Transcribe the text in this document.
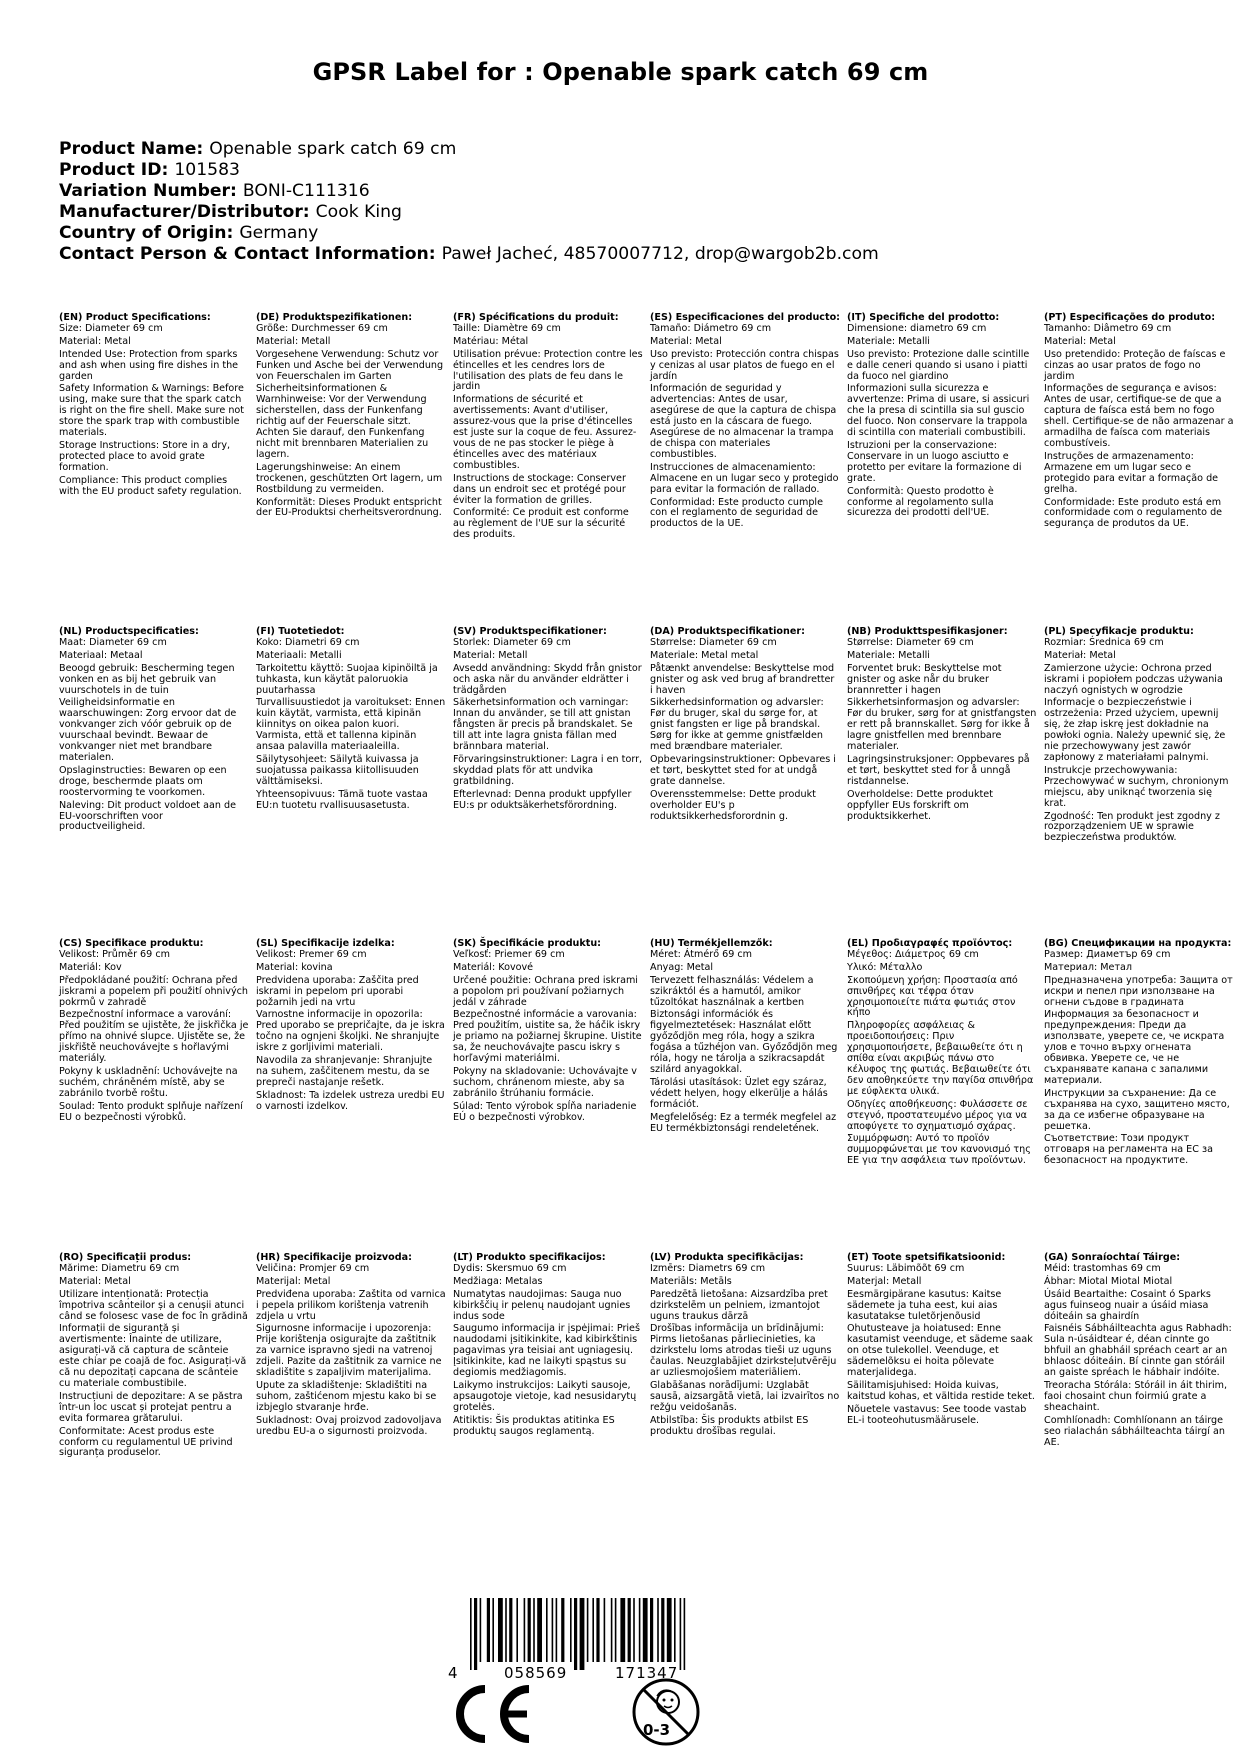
GPSR Label for : Openable spark catch 69 cm
Product Name: Openable spark catch 69 cm
Product ID: 101583
Variation Number: BONI-C111316
Manufacturer/Distributor: Cook King
Country of Origin: Germany
Contact Person & Contact Information: Paweł Jacheć, 48570007712, drop@wargob2b.com
(EN) Product Specifications:
Size: Diameter 69 cm
Material: Metal
Intended Use: Protection from sparks and ash when using fire dishes in the garden
Safety Information & Warnings: Before using, make sure that the spark catch is right on the fire shell. Make sure not store the spark trap with combustible materials.
Storage Instructions: Store in a dry, protected place to avoid grate formation.
Compliance: This product complies with the EU product safety regulation.
(DE) Produktspezifikationen:
Größe: Durchmesser 69 cm
Material: Metall
Vorgesehene Verwendung: Schutz vor Funken und Asche bei der Verwendung von Feuerschalen im Garten
Sicherheitsinformationen & Warnhinweise: Vor der Verwendung sicherstellen, dass der Funkenfang richtig auf der Feuerschale sitzt. Achten Sie darauf, den Funkenfang nicht mit brennbaren Materialien zu lagern.
Lagerungshinweise: An einem trockenen, geschützten Ort lagern, um Rostbildung zu vermeiden.
Konformität: Dieses Produkt entspricht der EU-Produktsi cherheitsverordnung.
(FR) Spécifications du produit:
Taille: Diamètre 69 cm
Matériau: Métal
Utilisation prévue: Protection contre les étincelles et les cendres lors de l'utilisation des plats de feu dans le jardin
Informations de sécurité et avertissements: Avant d'utiliser, assurez-vous que la prise d'étincelles est juste sur la coque de feu. Assurez-vous de ne pas stocker le piège à étincelles avec des matériaux combustibles.
Instructions de stockage: Conserver dans un endroit sec et protégé pour éviter la formation de grilles.
Conformité: Ce produit est conforme au règlement de l'UE sur la sécurité des produits.
(ES) Especificaciones del producto:
Tamaño: Diámetro 69 cm
Material: Metal
Uso previsto: Protección contra chispas y cenizas al usar platos de fuego en el jardín
Información de seguridad y advertencias: Antes de usar, asegúrese de que la captura de chispa está justo en la cáscara de fuego. Asegúrese de no almacenar la trampa de chispa con materiales combustibles.
Instrucciones de almacenamiento: Almacene en un lugar seco y protegido para evitar la formación de rallado.
Conformidad: Este producto cumple con el reglamento de seguridad de productos de la UE.
(IT) Specifiche del prodotto:
Dimensione: diametro 69 cm
Materiale: Metalli
Uso previsto: Protezione dalle scintille e dalle ceneri quando si usano i piatti da fuoco nel giardino
Informazioni sulla sicurezza e avvertenze: Prima di usare, si assicuri che la presa di scintilla sia sul guscio del fuoco. Non conservare la trappola di scintilla con materiali combustibili.
Istruzioni per la conservazione: Conservare in un luogo asciutto e protetto per evitare la formazione di grate.
Conformità: Questo prodotto è conforme al regolamento sulla sicurezza dei prodotti dell'UE.
(PT) Especificações do produto:
Tamanho: Diâmetro 69 cm
Material: Metal
Uso pretendido: Proteção de faíscas e cinzas ao usar pratos de fogo no jardim
Informações de segurança e avisos: Antes de usar, certifique-se de que a captura de faísca está bem no fogo shell. Certifique-se de não armazenar a armadilha de faísca com materiais combustíveis.
Instruções de armazenamento: Armazene em um lugar seco e protegido para evitar a formação de grelha.
Conformidade: Este produto está em conformidade com o regulamento de segurança de produtos da UE.
(NL) Productspecificaties:
Maat: Diameter 69 cm
Materiaal: Metaal
Beoogd gebruik: Bescherming tegen vonken en as bij het gebruik van vuurschotels in de tuin
Veiligheidsinformatie en waarschuwingen: Zorg ervoor dat de vonkvanger zich vóór gebruik op de vuurschaal bevindt. Bewaar de vonkvanger niet met brandbare materialen.
Opslaginstructies: Bewaren op een droge, beschermde plaats om roostervorming te voorkomen.
Naleving: Dit product voldoet aan de EU-voorschriften voor productveiligheid.
(FI) Tuotetiedot:
Koko: Diametri 69 cm
Materiaali: Metalli
Tarkoitettu käyttö: Suojaa kipinöiltä ja tuhkasta, kun käytät paloruokia puutarhassa
Turvallisuustiedot ja varoitukset: Ennen kuin käytät, varmista, että kipinän kiinnitys on oikea palon kuori. Varmista, että et tallenna kipinän ansaa palavilla materiaaleilla.
Säilytysohjeet: Säilytä kuivassa ja suojatussa paikassa kiitollisuuden välttämiseksi.
Yhteensopivuus: Tämä tuote vastaa EU:n tuotetu rvallisuusasetusta.
(SV) Produktspecifikationer:
Storlek: Diameter 69 cm
Material: Metall
Avsedd användning: Skydd från gnistor och aska när du använder eldrätter i trädgården
Säkerhetsinformation och varningar: Innan du använder, se till att gnistan fångsten är precis på brandskalet. Se till att inte lagra gnista fällan med brännbara material.
Förvaringsinstruktioner: Lagra i en torr, skyddad plats för att undvika gratbildning.
Efterlevnad: Denna produkt uppfyller EU:s pr oduktsäkerhetsförordning.
(DA) Produktspecifikationer:
Størrelse: Diameter 69 cm
Materiale: Metal metal
Påtænkt anvendelse: Beskyttelse mod gnister og ask ved brug af brandretter i haven
Sikkerhedsinformation og advarsler: Før du bruger, skal du sørge for, at gnist fangsten er lige på brandskal. Sørg for ikke at gemme gnistfælden med brændbare materialer.
Opbevaringsinstruktioner: Opbevares i et tørt, beskyttet sted for at undgå grate dannelse.
Overensstemmelse: Dette produkt overholder EU's p roduktsikkerhedsforordnin g.
(NB) Produkttspesifikasjoner:
Størrelse: Diameter 69 cm
Materiale: Metalli
Forventet bruk: Beskyttelse mot gnister og aske når du bruker brannretter i hagen
Sikkerhetsinformasjon og advarsler: Før du bruker, sørg for at gnistfangsten er rett på brannskallet. Sørg for ikke å lagre gnistfellen med brennbare materialer.
Lagringsinstruksjoner: Oppbevares på et tørt, beskyttet sted for å unngå ristdannelse.
Overholdelse: Dette produktet oppfyller EUs forskrift om produktsikkerhet.
(PL) Specyfikacje produktu:
Rozmiar: Średnica 69 cm
Materiał: Metal
Zamierzone użycie: Ochrona przed iskrami i popiołem podczas używania naczyń ognistych w ogrodzie
Informacje o bezpieczeństwie i ostrzeżenia: Przed użyciem, upewnij się, że złap iskrę jest dokładnie na powłoki ognia. Należy upewnić się, że nie przechowywany jest zawór zapłonowy z materiałami palnymi.
Instrukcje przechowywania: Przechowywać w suchym, chronionym miejscu, aby uniknąć tworzenia się krat.
Zgodność: Ten produkt jest zgodny z rozporządzeniem UE w sprawie bezpieczeństwa produktów.
(CS) Specifikace produktu:
Velikost: Průměr 69 cm
Materiál: Kov
Předpokládané použití: Ochrana před jiskrami a popelem při použití ohnivých pokrmů v zahradě
Bezpečnostní informace a varování: Před použitím se ujistěte, že jiskřička je přímo na ohnivé slupce. Ujistěte se, že jiskřiště neuchovávejte s hořlavými materiály.
Pokyny k uskladnění: Uchovávejte na suchém, chráněném místě, aby se zabránilo tvorbě roštu.
Soulad: Tento produkt splňuje nařízení EU o bezpečnosti výrobků.
(SL) Specifikacije izdelka:
Velikost: Premer 69 cm
Material: kovina
Predvidena uporaba: Zaščita pred iskrami in pepelom pri uporabi požarnih jedi na vrtu
Varnostne informacije in opozorila: Pred uporabo se prepričajte, da je iskra točno na ognjeni školjki. Ne shranjujte iskre z gorljivimi materiali.
Navodila za shranjevanje: Shranjujte na suhem, zaščitenem mestu, da se prepreči nastajanje rešetk.
Skladnost: Ta izdelek ustreza uredbi EU o varnosti izdelkov.
(SK) Špecifikácie produktu:
Veľkosť: Priemer 69 cm
Materiál: Kovové
Určené použitie: Ochrana pred iskrami a popolom pri používaní požiarnych jedál v záhrade
Bezpečnostné informácie a varovania: Pred použitím, uistite sa, že háčik iskry je priamo na požiarnej škrupine. Uistite sa, že neuchovávajte pascu iskry s horľavými materiálmi.
Pokyny na skladovanie: Uchovávajte v suchom, chránenom mieste, aby sa zabránilo štrúhaniu formácie.
Súlad: Tento výrobok spĺňa nariadenie EÚ o bezpečnosti výrobkov.
(HU) Termékjellemzők:
Méret: Átmérő 69 cm
Anyag: Metal
Tervezett felhasználás: Védelem a szikráktól és a hamutól, amikor tűzoltókat használnak a kertben
Biztonsági információk és figyelmeztetések: Használat előtt győződjön meg róla, hogy a szikra fogása a tűzhéjon van. Győződjön meg róla, hogy ne tárolja a szikracsapdát szilárd anyagokkal.
Tárolási utasítások: Üzlet egy száraz, védett helyen, hogy elkerülje a hálás formációt.
Megfelelőség: Ez a termék megfelel az EU termékbiztonsági rendeletének.
(EL) Προδιαγραφές προϊόντος:
Μέγεθος: Διάμετρος 69 cm
Υλικό: Μέταλλο
Σκοπούμενη χρήση: Προστασία από σπινθήρες και τέφρα όταν χρησιμοποιείτε πιάτα φωτιάς στον κήπο
Πληροφορίες ασφάλειας & προειδοποιήσεις: Πριν χρησιμοποιήσετε, βεβαιωθείτε ότι η σπίθα είναι ακριβώς πάνω στο κέλυφος της φωτιάς. Βεβαιωθείτε ότι δεν αποθηκεύετε την παγίδα σπινθήρα με εύφλεκτα υλικά.
Οδηγίες αποθήκευσης: Φυλάσσετε σε στεγνό, προστατευμένο μέρος για να αποφύγετε το σχηματισμό σχάρας.
Συμμόρφωση: Αυτό το προϊόν συμμορφώνεται με τον κανονισμό της ΕΕ για την ασφάλεια των προϊόντων.
(BG) Спецификации на продукта:
Размер: Диаметър 69 cm
Материал: Метал
Предназначена употреба: Защита от искри и пепел при използване на огнени съдове в градината
Информация за безопасност и предупреждения: Преди да използвате, уверете се, че искрата улов е точно върху огнената обвивка. Уверете се, че не съхранявате капана с запалими материали.
Инструкции за съхранение: Да се съхранява на сухо, защитено място, за да се избегне образуване на решетка.
Съответствие: Този продукт отговаря на регламента на ЕС за безопасност на продуктите.
(RO) Specificații produs:
Mărime: Diametru 69 cm
Material: Metal
Utilizare intenționată: Protecția împotriva scânteilor și a cenușii atunci când se folosesc vase de foc în grădină
Informații de siguranță și avertismente: Înainte de utilizare, asigurați-vă că captura de scânteie este chiar pe coajă de foc. Asigurați-vă că nu depozitați capcana de scânteie cu materiale combustibile.
Instrucțiuni de depozitare: A se păstra într-un loc uscat și protejat pentru a evita formarea grătarului.
Conformitate: Acest produs este conform cu regulamentul UE privind siguranța produselor.
(HR) Specifikacije proizvoda:
Veličina: Promjer 69 cm
Materijal: Metal
Predviđena uporaba: Zaštita od varnica i pepela prilikom korištenja vatrenih zdjela u vrtu
Sigurnosne informacije i upozorenja: Prije korištenja osigurajte da zaštitnik za varnice ispravno sjedi na vatrenoj zdjeli. Pazite da zaštitnik za varnice ne skladištite s zapaljivim materijalima.
Upute za skladištenje: Skladištiti na suhom, zaštićenom mjestu kako bi se izbjeglo stvaranje hrđe.
Sukladnost: Ovaj proizvod zadovoljava uredbu EU-a o sigurnosti proizvoda.
(LT) Produkto specifikacijos:
Dydis: Skersmuo 69 cm
Medžiaga: Metalas
Numatytas naudojimas: Sauga nuo kibirkščių ir pelenų naudojant ugnies indus sode
Saugumo informacija ir įspėjimai: Prieš naudodami įsitikinkite, kad kibirkštinis pagavimas yra teisiai ant ugniagesių. Įsitikinkite, kad ne laikyti spąstus su degiomis medžiagomis.
Laikymo instrukcijos: Laikyti sausoje, apsaugotoje vietoje, kad nesusidarytų grotelės.
Atitiktis: Šis produktas atitinka ES produktų saugos reglamentą.
(LV) Produkta specifikācijas:
Izmērs: Diametrs 69 cm
Materiāls: Metāls
Paredzētā lietošana: Aizsardzība pret dzirkstelēm un pelniem, izmantojot uguns traukus dārzā
Drošības informācija un brīdinājumi: Pirms lietošanas pārliecinieties, ka dzirkstelu loms atrodas tieši uz uguns čaulas. Neuzglabājiet dzirksteļutvērēju ar uzliesmojošiem materiāliem.
Glabāšanas norādījumi: Uzglabāt sausā, aizsargātā vietā, lai izvairītos no režģu veidošanās.
Atbilstība: Šis produkts atbilst ES produktu drošības regulai.
(ET) Toote spetsifikatsioonid:
Suurus: Läbimõõt 69 cm
Materjal: Metall
Eesmärgipärane kasutus: Kaitse sädemete ja tuha eest, kui aias kasutatakse tuletõrjenõusid
Ohutusteave ja hoiatused: Enne kasutamist veenduge, et sädeme saak on otse tulekollel. Veenduge, et sädemelõksu ei hoita põlevate materjalidega.
Säilitamisjuhised: Hoida kuivas, kaitstud kohas, et vältida restide teket.
Nõuetele vastavus: See toode vastab EL-i tooteohutusmäärusele.
(GA) Sonraíochtaí Táirge:
Méid: trastomhas 69 cm
Ábhar: Miotal Miotal Miotal
Úsáid Beartaithe: Cosaint ó Sparks agus fuinseog nuair a úsáid miasa dóiteáin sa ghairdín
Faisnéis Sábháilteachta agus Rabhadh: Sula n-úsáidtear é, déan cinnte go bhfuil an ghabháil spréach ceart ar an bhlaosc dóiteáin. Bí cinnte gan stóráil an gaiste spréach le hábhair indóite.
Treoracha Stórála: Stóráil in áit thirim, faoi chosaint chun foirmiú grate a sheachaint.
Comhlíonadh: Comhlíonann an táirge seo rialachán sábháilteachta táirgí an AE.
4	058569	171347
0-3
